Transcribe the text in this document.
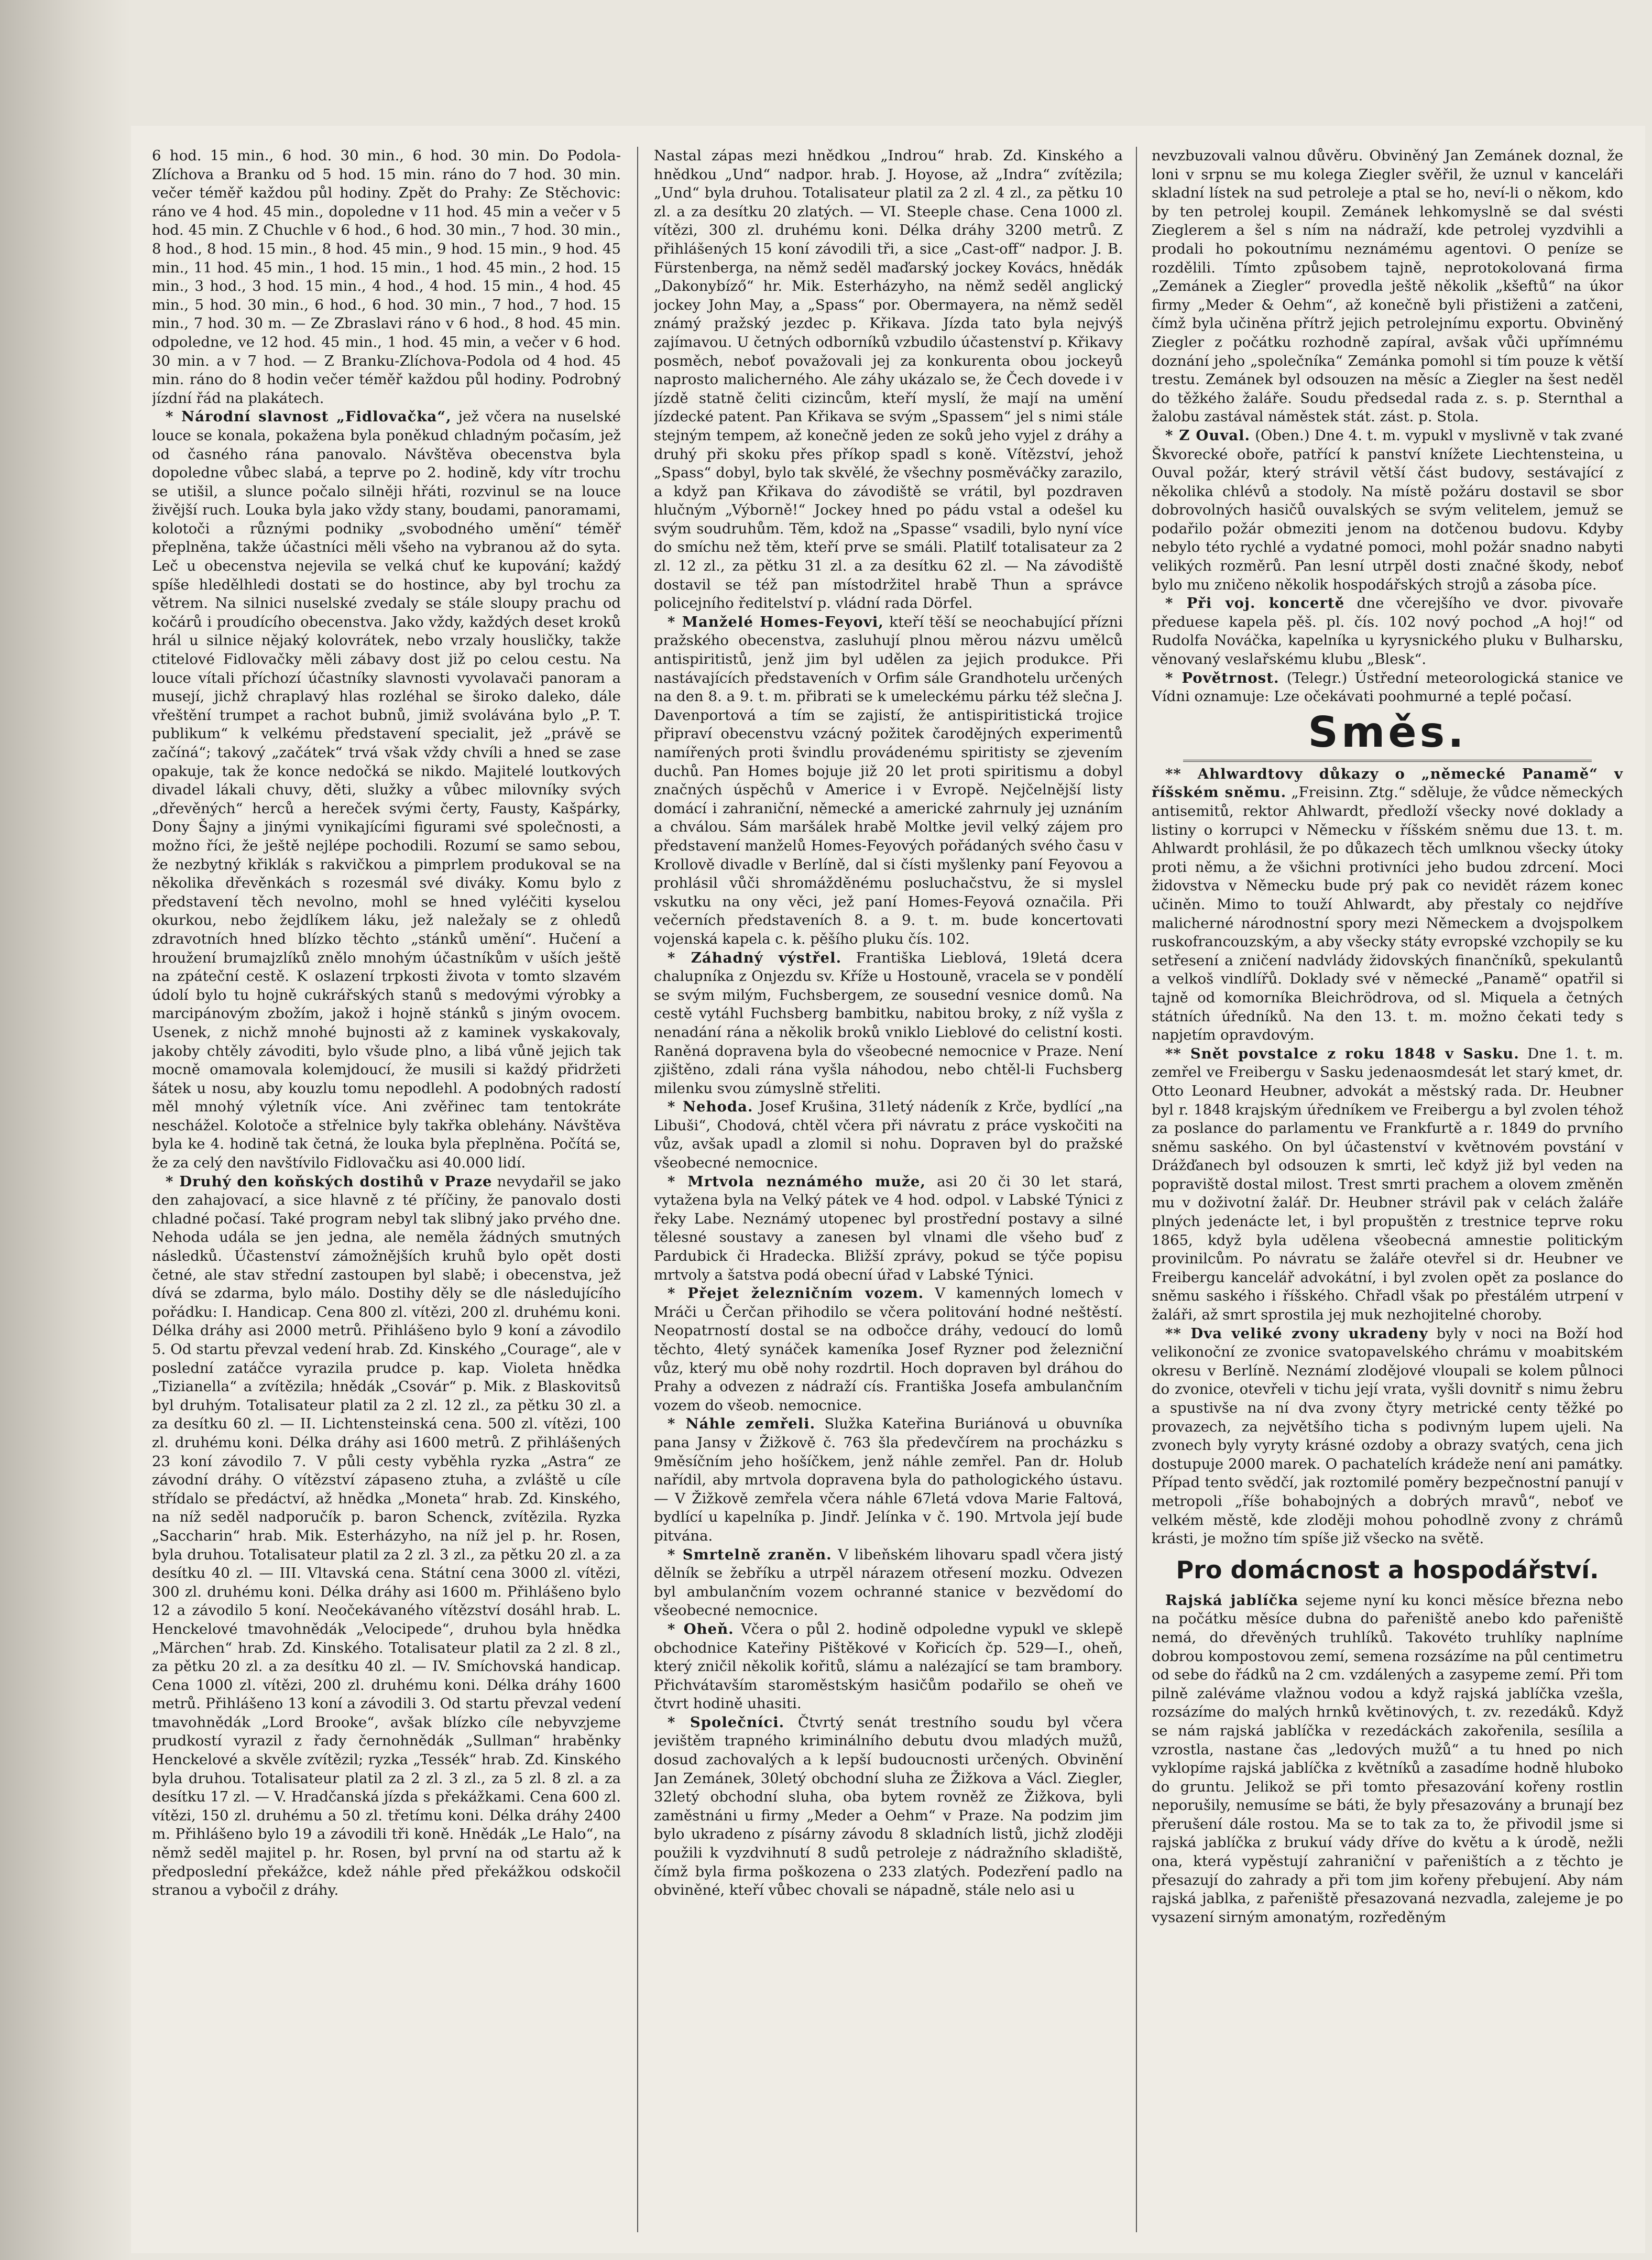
6 hod. 15 min., 6 hod. 30 min., 6 hod. 30 min. Do Podola-Zlíchova a Branku od 5 hod. 15 min. ráno do 7 hod. 30 min. večer téměř každou půl hodiny. Zpět do Prahy: Ze Stěchovic: ráno ve 4 hod. 45 min., dopoledne v 11 hod. 45 min a večer v 5 hod. 45 min. Z Chuchle v 6 hod., 6 hod. 30 min., 7 hod. 30 min., 8 hod., 8 hod. 15 min., 8 hod. 45 min., 9 hod. 15 min., 9 hod. 45 min., 11 hod. 45 min., 1 hod. 15 min., 1 hod. 45 min., 2 hod. 15 min., 3 hod., 3 hod. 15 min., 4 hod., 4 hod. 15 min., 4 hod. 45 min., 5 hod. 30 min., 6 hod., 6 hod. 30 min., 7 hod., 7 hod. 15 min., 7 hod. 30 m. — Ze Zbraslavi ráno v 6 hod., 8 hod. 45 min. odpoledne, ve 12 hod. 45 min., 1 hod. 45 min, a večer v 6 hod. 30 min. a v 7 hod. — Z Branku-Zlíchova-Podola od 4 hod. 45 min. ráno do 8 hodin večer téměř každou půl hodiny. Podrobný jízdní řád na plakátech.

* Národní slavnost „Fidlovačka“, jež včera na nuselské louce se konala, pokažena byla poněkud chladným počasím, jež od časného rána panovalo. Návštěva obecenstva byla dopoledne vůbec slabá, a teprve po 2. hodině, kdy vítr trochu se utišil, a slunce počalo silněji hřáti, rozvinul se na louce živější ruch. Louka byla jako vždy stany, boudami, panoramami, kolotoči a různými podniky „svobodného umění“ téměř přeplněna, takže účastníci měli všeho na vybranou až do syta. Leč u obecenstva nejevila se velká chuť ke kupování; každý spíše hledělhledi dostati se do hostince, aby byl trochu za větrem. Na silnici nuselské zvedaly se stále sloupy prachu od kočárů i proudícího obecenstva. Jako vždy, každých deset kroků hrál u silnice nějaký kolovrátek, nebo vrzaly housličky, takže ctitelové Fidlovačky měli zábavy dost již po celou cestu. Na louce vítali příchozí účastníky slavnosti vyvolavači panoram a musejí, jichž chraplavý hlas rozléhal se široko daleko, dále vřeštění trumpet a rachot bubnů, jimiž svolávána bylo „P. T. publikum“ k velkému představení specialit, jež „právě se začíná“; takový „začátek“ trvá však vždy chvíli a hned se zase opakuje, tak že konce nedočká se nikdo. Majitelé loutkových divadel lákali chuvy, děti, služky a vůbec milovníky svých „dřevěných“ herců a hereček svými čerty, Fausty, Kašpárky, Dony Šajny a jinými vynikajícími figurami své společnosti, a možno říci, že ještě nejlépe pochodili. Rozumí se samo sebou, že nezbytný křiklák s rakvičkou a pimprlem produkoval se na několika dřevěnkách s rozesmál své diváky. Komu bylo z představení těch nevolno, mohl se hned vyléčiti kyselou okurkou, nebo žejdlíkem láku, jež naležaly se z ohledů zdravotních hned blízko těchto „stánků umění“. Hučení a hroužení brumajzlíků znělo mnohým účastníkům v uších ještě na zpáteční cestě. K oslazení trpkosti života v tomto slzavém údolí bylo tu hojně cukrářských stanů s medovými výrobky a marcipánovým zbožím, jakož i hojně stánků s jiným ovocem. Usenek, z nichž mnohé bujnosti až z kaminek vyskakovaly, jakoby chtěly závoditi, bylo všude plno, a libá vůně jejich tak mocně omamovala kolemjdoucí, že musili si každý přidržeti šátek u nosu, aby kouzlu tomu nepodlehl. A podobných radostí měl mnohý výletník více. Ani zvěřinec tam tentokráte neschážel. Kolotoče a střelnice byly takřka oblehány. Návštěva byla ke 4. hodině tak četná, že louka byla přeplněna. Počítá se, že za celý den navštívilo Fidlovačku asi 40.000 lidí.

* Druhý den koňských dostihů v Praze nevydařil se jako den zahajovací, a sice hlavně z té příčiny, že panovalo dosti chladné počasí. Také program nebyl tak slibný jako prvého dne. Nehoda udála se jen jedna, ale neměla žádných smutných následků. Účastenství zámožnějších kruhů bylo opět dosti četné, ale stav střední zastoupen byl slabě; i obecenstva, jež dívá se zdarma, bylo málo. Dostihy děly se dle následujícího pořádku: I. Handicap. Cena 800 zl. vítězi, 200 zl. druhému koni. Délka dráhy asi 2000 metrů. Přihlášeno bylo 9 koní a závodilo 5. Od startu převzal vedení hrab. Zd. Kinského „Courage“, ale v poslední zatáčce vyrazila prudce p. kap. Violeta hnědka „Tizianella“ a zvítězila; hnědák „Csovár“ p. Mik. z Blaskovitsů byl druhým. Totalisateur platil za 2 zl. 12 zl., za pětku 30 zl. a za desítku 60 zl. — II. Lichtensteinská cena. 500 zl. vítězi, 100 zl. druhému koni. Délka dráhy asi 1600 metrů. Z přihlášených 23 koní závodilo 7. V půli cesty vyběhla ryzka „Astra“ ze závodní dráhy. O vítězství zápaseno ztuha, a zvláště u cíle střídalo se předáctví, až hnědka „Moneta“ hrab. Zd. Kinského, na níž seděl nadporučík p. baron Schenck, zvítězila. Ryzka „Saccharin“ hrab. Mik. Esterházyho, na níž jel p. hr. Rosen, byla druhou. Totalisateur platil za 2 zl. 3 zl., za pětku 20 zl. a za desítku 40 zl. — III. Vltavská cena. Státní cena 3000 zl. vítězi, 300 zl. druhému koni. Délka dráhy asi 1600 m. Přihlášeno bylo 12 a závodilo 5 koní. Neočekávaného vítězství dosáhl hrab. L. Henckelové tmavohnědák „Velocipede“, druhou byla hnědka „Märchen“ hrab. Zd. Kinského. Totalisateur platil za 2 zl. 8 zl., za pětku 20 zl. a za desítku 40 zl. — IV. Smíchovská handicap. Cena 1000 zl. vítězi, 200 zl. druhému koni. Délka dráhy 1600 metrů. Přihlášeno 13 koní a závodili 3. Od startu převzal vedení tmavohnědák „Lord Brooke“, avšak blízko cíle nebyvzjeme prudkostí vyrazil z řady černohnědák „Sullman“ hraběnky Henckelové a skvěle zvítězil; ryzka „Tessék“ hrab. Zd. Kinského byla druhou. Totalisateur platil za 2 zl. 3 zl., za 5 zl. 8 zl. a za desítku 17 zl. — V. Hradčanská jízda s překážkami. Cena 600 zl. vítězi, 150 zl. druhému a 50 zl. třetímu koni. Délka dráhy 2400 m. Přihlášeno bylo 19 a závodili tři koně. Hnědák „Le Halo“, na němž seděl majitel p. hr. Rosen, byl první na od startu až k předposlední překážce, kdež náhle před překážkou odskočil stranou a vybočil z dráhy.

Nastal zápas mezi hnědkou „Indrou“ hrab. Zd. Kinského a hnědkou „Und“ nadpor. hrab. J. Hoyose, až „Indra“ zvítězila; „Und“ byla druhou. Totalisateur platil za 2 zl. 4 zl., za pětku 10 zl. a za desítku 20 zlatých. — VI. Steeple chase. Cena 1000 zl. vítězi, 300 zl. druhému koni. Délka dráhy 3200 metrů. Z přihlášených 15 koní závodili tři, a sice „Cast-off“ nadpor. J. B. Fürstenberga, na němž seděl maďarský jockey Kovács, hnědák „Dakonybíző“ hr. Mik. Esterházyho, na němž seděl anglický jockey John May, a „Spass“ por. Obermayera, na němž seděl známý pražský jezdec p. Křikava. Jízda tato byla nejvýš zajímavou. U četných odborníků vzbudilo účastenství p. Křikavy posměch, neboť považovali jej za konkurenta obou jockeyů naprosto malicherného. Ale záhy ukázalo se, že Čech dovede i v jízdě statně čeliti cizincům, kteří myslí, že mají na umění jízdecké patent. Pan Křikava se svým „Spassem“ jel s nimi stále stejným tempem, až konečně jeden ze soků jeho vyjel z dráhy a druhý při skoku přes příkop spadl s koně. Vítězství, jehož „Spass“ dobyl, bylo tak skvělé, že všechny posměváčky zarazilo, a když pan Křikava do závodiště se vrátil, byl pozdraven hlučným „Výborně!“ Jockey hned po pádu vstal a odešel ku svým soudruhům. Těm, kdož na „Spasse“ vsadili, bylo nyní více do smíchu než těm, kteří prve se smáli. Platilť totalisateur za 2 zl. 12 zl., za pětku 31 zl. a za desítku 62 zl. — Na závodiště dostavil se též pan místodržitel hrabě Thun a správce policejního ředitelství p. vládní rada Dörfel.

* Manželé Homes-Feyovi, kteří těší se neochabující přízni pražského obecenstva, zasluhují plnou měrou názvu umělců antispiritistů, jenž jim byl udělen za jejich produkce. Při nastávajících představeních v Orfim sále Grandhotelu určených na den 8. a 9. t. m. přibrati se k umeleckému párku též slečna J. Davenportová a tím se zajistí, že antispiritistická trojice připraví obecenstvu vzácný požitek čarodějných experimentů namířených proti švindlu provádenému spiritisty se zjevením duchů. Pan Homes bojuje již 20 let proti spiritismu a dobyl značných úspěchů v Americe i v Evropě. Nejčelnější listy domácí i zahraniční, německé a americké zahrnuly jej uznáním a chválou. Sám maršálek hrabě Moltke jevil velký zájem pro představení manželů Homes-Feyových pořádaných svého času v Krollově divadle v Berlíně, dal si čísti myšlenky paní Feyovou a prohlásil vůči shromážděnému posluchačstvu, že si myslel vskutku na ony věci, jež paní Homes-Feyová označila. Při večerních představeních 8. a 9. t. m. bude koncertovati vojenská kapela c. k. pěšího pluku čís. 102.

* Záhadný výstřel. Františka Lieblová, 19letá dcera chalupníka z Onjezdu sv. Kříže u Hostouně, vracela se v pondělí se svým milým, Fuchsbergem, ze sousední vesnice domů. Na cestě vytáhl Fuchsberg bambitku, nabitou broky, z níž vyšla z nenadání rána a několik broků vniklo Lieblové do celistní kosti. Raněná dopravena byla do všeobecné nemocnice v Praze. Není zjištěno, zdali rána vyšla náhodou, nebo chtěl-li Fuchsberg milenku svou zúmyslně střeliti.

* Nehoda. Josef Krušina, 31letý nádeník z Krče, bydlící „na Libuši“, Chodová, chtěl včera při návratu z práce vyskočiti na vůz, avšak upadl a zlomil si nohu. Dopraven byl do pražské všeobecné nemocnice.

* Mrtvola neznámého muže, asi 20 či 30 let stará, vytažena byla na Velký pátek ve 4 hod. odpol. v Labské Týnici z řeky Labe. Neznámý utopenec byl prostřední postavy a silné tělesné soustavy a zanesen byl vlnami dle všeho buď z Pardubick či Hradecka. Bližší zprávy, pokud se týče popisu mrtvoly a šatstva podá obecní úřad v Labské Týnici.

* Přejet železničním vozem. V kamenných lomech v Mráči u Čerčan přihodilo se včera politování hodné neštěstí. Neopatrností dostal se na odbočce dráhy, vedoucí do lomů těchto, 4letý synáček kameníka Josef Ryzner pod železniční vůz, který mu obě nohy rozdrtil. Hoch dopraven byl dráhou do Prahy a odvezen z nádraží cís. Františka Josefa ambulančním vozem do všeob. nemocnice.

* Náhle zemřeli. Služka Kateřina Buriánová u obuvníka pana Jansy v Žižkově č. 763 šla předevčírem na procházku s 9měsíčním jeho hošíčkem, jenž náhle zemřel. Pan dr. Holub nařídil, aby mrtvola dopravena byla do pathologického ústavu. — V Žižkově zemřela včera náhle 67letá vdova Marie Faltová, bydlící u kapelníka p. Jindř. Jelínka v č. 190. Mrtvola její bude pitvána.

* Smrtelně zraněn. V libeňském lihovaru spadl včera jistý dělník se žebříku a utrpěl nárazem otřesení mozku. Odvezen byl ambulančním vozem ochranné stanice v bezvědomí do všeobecné nemocnice.

* Oheň. Včera o půl 2. hodině odpoledne vypukl ve sklepě obchodnice Kateřiny Pištěkové v Kořicích čp. 529—I., oheň, který zničil několik kořitů, slámu a nalézající se tam brambory. Přichvátavším staroměstským hasičům podařilo se oheň ve čtvrt hodině uhasiti.

* Společníci. Čtvrtý senát trestního soudu byl včera jevištěm trapného kriminálního debutu dvou mladých mužů, dosud zachovalých a k lepší budoucnosti určených. Obvinění Jan Zemánek, 30letý obchodní sluha ze Žižkova a Václ. Ziegler, 32letý obchodní sluha, oba bytem rovněž ze Žižkova, byli zaměstnáni u firmy „Meder a Oehm“ v Praze. Na podzim jim bylo ukradeno z písárny závodu 8 skladních listů, jichž zloději použili k vyzdvihnutí 8 sudů petroleje z nádražního skladiště, čímž byla firma poškozena o 233 zlatých. Podezření padlo na obviněné, kteří vůbec chovali se nápadně, stále nelo asi u

nevzbuzovali valnou důvěru. Obviněný Jan Zemánek doznal, že loni v srpnu se mu kolega Ziegler svěřil, že uznul v kanceláři skladní lístek na sud petroleje a ptal se ho, neví-li o někom, kdo by ten petrolej koupil. Zemánek lehkomyslně se dal svésti Zieglerem a šel s ním na nádraží, kde petrolej vyzdvihli a prodali ho pokoutnímu neznámému agentovi. O peníze se rozdělili. Tímto způsobem tajně, neprotokolovaná firma „Zemánek a Ziegler“ provedla ještě několik „kšeftů“ na úkor firmy „Meder & Oehm“, až konečně byli přistiženi a zatčeni, čímž byla učiněna přítrž jejich petrolejnímu exportu. Obviněný Ziegler z počátku rozhodně zapíral, avšak vůči upřímnému doznání jeho „společníka“ Zemánka pomohl si tím pouze k větší trestu. Zemánek byl odsouzen na měsíc a Ziegler na šest neděl do těžkého žaláře. Soudu předsedal rada z. s. p. Sternthal a žalobu zastával náměstek stát. zást. p. Stola.

* Z Ouval. (Oben.) Dne 4. t. m. vypukl v myslivně v tak zvané Škvorecké oboře, patřící k panství knížete Liechtensteina, u Ouval požár, který strávil větší část budovy, sestávající z několika chlévů a stodoly. Na místě požáru dostavil se sbor dobrovolných hasičů ouvalských se svým velitelem, jemuž se podařilo požár obmeziti jenom na dotčenou budovu. Kdyby nebylo této rychlé a vydatné pomoci, mohl požár snadno nabyti velikých rozměrů. Pan lesní utrpěl dosti značné škody, neboť bylo mu zničeno několik hospodářských strojů a zásoba píce.

* Při voj. koncertě dne včerejšího ve dvor. pivovaře předuese kapela pěš. pl. čís. 102 nový pochod „A hoj!“ od Rudolfa Nováčka, kapelníka u kyrysnického pluku v Bulharsku, věnovaný veslařskému klubu „Blesk“.

* Povětrnost. (Telegr.) Ústřední meteorologická stanice ve Vídni oznamuje: Lze očekávati poohmurné a teplé počasí.

Směs.

** Ahlwardtovy důkazy o „německé Panamě“ v říšském sněmu. „Freisinn. Ztg.“ sděluje, že vůdce německých antisemitů, rektor Ahlwardt, předloží všecky nové doklady a listiny o korrupci v Německu v říšském sněmu due 13. t. m. Ahlwardt prohlásil, že po důkazech těch umlknou všecky útoky proti němu, a že všichni protivníci jeho budou zdrcení. Moci židovstva v Německu bude prý pak co nevidět rázem konec učiněn. Mimo to touží Ahlwardt, aby přestaly co nejdříve malicherné národnostní spory mezi Německem a dvojspolkem ruskofrancouzským, a aby všecky státy evropské vzchopily se ku setřesení a zničení nadvlády židovských finančníků, spekulantů a velkoš vindlířů. Doklady své v německé „Panamě“ opatřil si tajně od komorníka Bleichrödrova, od sl. Miquela a četných státních úředníků. Na den 13. t. m. možno čekati tedy s napjetím opravdovým.

** Snět povstalce z roku 1848 v Sasku. Dne 1. t. m. zemřel ve Freibergu v Sasku jedenaosmdesát let starý kmet, dr. Otto Leonard Heubner, advokát a městský rada. Dr. Heubner byl r. 1848 krajským úředníkem ve Freibergu a byl zvolen téhož za poslance do parlamentu ve Frankfurtě a r. 1849 do prvního sněmu saského. On byl účastenství v květnovém povstání v Drážďanech byl odsouzen k smrti, leč když již byl veden na popraviště dostal milost. Trest smrti prachem a olovem změněn mu v doživotní žalář. Dr. Heubner strávil pak v celách žaláře plných jedenácte let, i byl propuštěn z trestnice teprve roku 1865, když byla udělena všeobecná amnestie politickým provinilcům. Po návratu se žaláře otevřel si dr. Heubner ve Freibergu kancelář advokátní, i byl zvolen opět za poslance do sněmu saského i říšského. Chřadl však po přestálém utrpení v žaláři, až smrt sprostila jej muk nezhojitelné choroby.

** Dva veliké zvony ukradeny byly v noci na Boží hod velikonoční ze zvonice svatopavelského chrámu v moabitském okresu v Berlíně. Neznámí zlodějové vloupali se kolem půlnoci do zvonice, otevřeli v tichu její vrata, vyšli dovnitř s nimu žebru a spustivše na ní dva zvony čtyry metrické centy těžké po provazech, za největšího ticha s podivným lupem ujeli. Na zvonech byly vyryty krásné ozdoby a obrazy svatých, cena jich dostupuje 2000 marek. O pachatelích krádeže není ani památky. Případ tento svědčí, jak roztomilé poměry bezpečnostní panují v metropoli „říše bohabojných a dobrých mravů“, neboť ve velkém městě, kde zloději mohou pohodlně zvony z chrámů krásti, je možno tím spíše již všecko na světě.

Pro domácnost a hospodářství.

Rajská jablíčka sejeme nyní ku konci měsíce března nebo na počátku měsíce dubna do pařeniště anebo kdo pařeniště nemá, do dřevěných truhlíků. Takovéto truhlíky naplníme dobrou kompostovou zemí, semena rozsázíme na půl centimetru od sebe do řádků na 2 cm. vzdálených a zasypeme zemí. Při tom pilně zaléváme vlažnou vodou a když rajská jablíčka vzešla, rozsázíme do malých hrnků květinových, t. zv. rezedáků. Když se nám rajská jablíčka v rezedáckách zakořenila, sesílila a vzrostla, nastane čas „ledových mužů“ a tu hned po nich vyklopíme rajská jablíčka z květníků a zasadíme hodně hluboko do gruntu. Jelikož se při tomto přesazování kořeny rostlin neporušily, nemusíme se báti, že byly přesazovány a brunají bez přerušení dále rostou. Ma se to tak za to, že přivodil jsme si rajská jablíčka z brukuí vády dříve do květu a k úrodě, nežli ona, která vypěstují zahraniční v pařeništích a z těchto je přesazují do zahrady a při tom jim kořeny přebujení. Aby nám rajská jablka, z pařeniště přesazovaná nezvadla, zalejeme je po vysazení sirným amonatým, rozředěným
